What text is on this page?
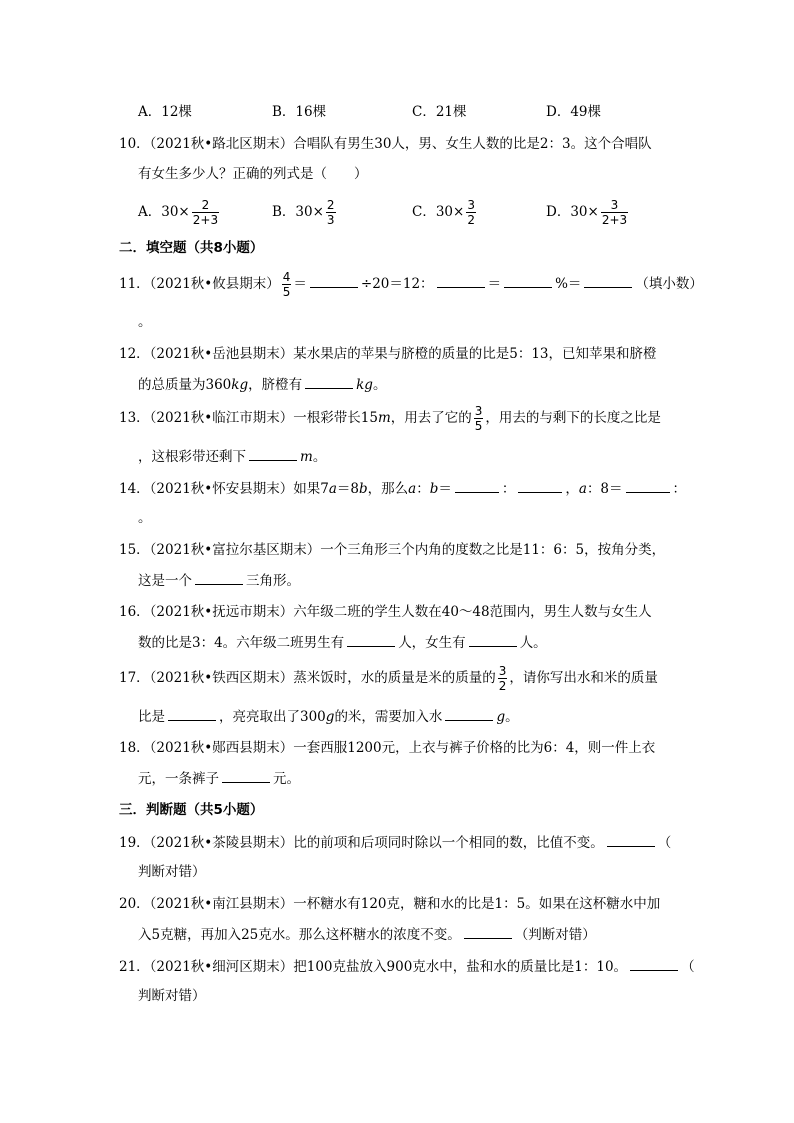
A．12棵	B．16棵	C．21棵	D．49棵
10．（2021秋•路北区期末）合唱队有男生30人，男、女生人数的比是2：3。这个合唱队
有女生多少人？正确的列式是（　　）
A．$30\times \frac{2}{2+3}$	B．$30\times \frac{2}{3}$	C．$30\times \frac{3}{2}$	D．$30\times \frac{3}{2+3}$
二．填空题（共8小题）
11．（2021秋•攸县期末） $\frac{4}{5}$ ＝	÷20＝12：	＝	%＝	（填小数）
。
12．（2021秋•岳池县期末）某水果店的苹果与脐橙的质量的比是5：13，已知苹果和脐橙
的总质量为360kg，脐橙有	kg。
13．（2021秋•临江市期末）一根彩带长15m，用去了它的 $\frac{3}{5}$ ，用去的与剩下的长度之比是
，这根彩带还剩下	m。
14．（2021秋•怀安县期末）如果7a＝8b，那么a：b＝	：	，a：8＝	：
。
15．（2021秋•富拉尔基区期末）一个三角形三个内角的度数之比是11：6：5，按角分类，
这是一个	三角形。
16．（2021秋•抚远市期末）六年级二班的学生人数在40～48范围内，男生人数与女生人
数的比是3：4。六年级二班男生有	人，女生有	人。
17．（2021秋•铁西区期末）蒸米饭时，水的质量是米的质量的 $\frac{3}{2}$ ，请你写出水和米的质量
比是	，亮亮取出了300g的米，需要加入水	g。
18．（2021秋•郧西县期末）一套西服1200元，上衣与裤子价格的比为6：4，则一件上衣
元，一条裤子	元。
三．判断题（共5小题）
19．（2021秋•茶陵县期末）比的前项和后项同时除以一个相同的数，比值不变。	（
判断对错）
20．（2021秋•南江县期末）一杯糖水有120克，糖和水的比是1：5。如果在这杯糖水中加
入5克糖，再加入25克水。那么这杯糖水的浓度不变。	（判断对错）
21．（2021秋•细河区期末）把100克盐放入900克水中，盐和水的质量比是1：10。	（
判断对错）
